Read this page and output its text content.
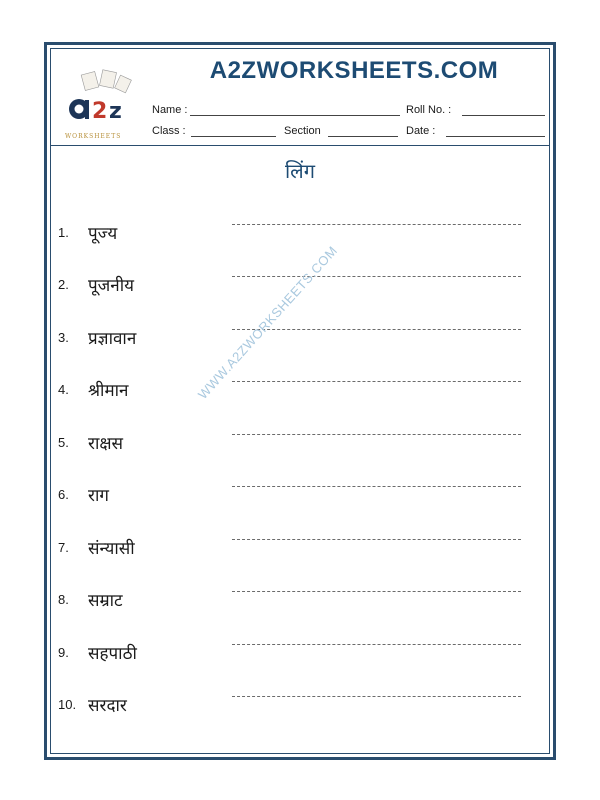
2 z
WORKSHEETS
A2ZWORKSHEETS.COM
Name :	Roll No. :
Class :	Section	Date :
लिंग
1. पूज्य
2. पूजनीय
3. प्रज्ञावान
4. श्रीमान
5. राक्षस
6. राग
7. संन्यासी
8. सम्राट
9. सहपाठी
10. सरदार
WWW.A2ZWORKSHEETS.COM
